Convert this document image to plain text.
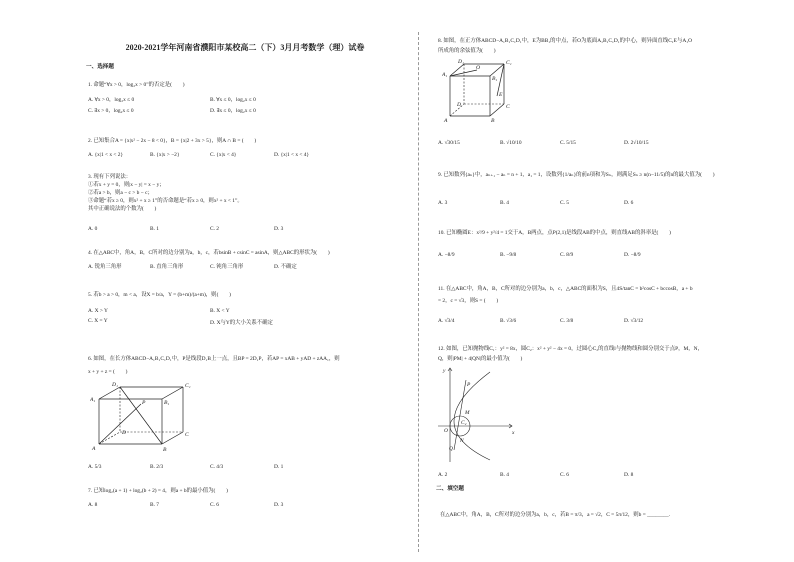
2020-2021学年河南省濮阳市某校高二（下）3月月考数学（理）试卷
一、选择题
1. 命题“∀x > 0，log₂x > 0”的否定是(　　)
A. ∀x > 0，log₂x ≤ 0	B. ∀x ≤ 0，log₂x ≤ 0
C. ∃x > 0，log₂x ≤ 0	D. ∃x ≤ 0，log₂x ≤ 0
2. 已知集合A = {x|x² − 2x − 8 < 0}，B = {x|2 + 3x > 5}，则A ∩ B = (　　)
A. {x|1 < x < 2}	B. {x|x > −2}	C. {x|x < 4}	D. {x|1 < x < 4}
3. 现有下列说法：
①若x + y = 0，则|x − y| = x − y；
②若a > b，则a − c > b − c；
③命题“若x ≥ 0，则x² + x ≥ 1”的否命题是“若x ≥ 0，则x² + x < 1”。
其中正确说法的个数为(　　)
A. 0	B. 1	C. 2	D. 3
4. 在△ABC中，角A，B，C所对的边分别为a，b，c，若bsinB + csinC = asinA，则△ABC的形状为(　　)
A. 锐角三角形	B. 直角三角形	C. 钝角三角形	D. 不确定
5. 若b > a > 0，m < a，设X = b/a，Y = (b+m)/(a+m)，则(　　)
A. X > Y	B. X < Y
C. X = Y	D. X与Y的大小关系不确定
6. 如图，在长方体ABCD−A₁B₁C₁D₁中，P是线段D₁B上一点，且BP = 2D₁P，若AP = xAB + yAD + zAA₁，则
x + y + z = (　　)
D₁	C₁
A₁	B₁
P
D	C
A	B
A. 5/3	B. 2/3	C. 4/3	D. 1
7. 已知log₂(a + 1) + log₂(b + 2) = 4，则a + b的最小值为(　　)
A. 8	B. 7	C. 6	D. 3
8. 如图，在正方体ABCD−A₁B₁C₁D₁中，E为BB₁的中点，若O为底面A₁B₁C₁D₁的中心，则异面直线C₁E与A₁O
所成角的余弦值为(　　)
D₁	C₁
A₁
B₁
O
E
D	C
A	B
A. √30/15	B. √10/10	C. 5/15	D. 2√10/15
9. 已知数列{aₙ}中，aₙ₊₁ − aₙ = n + 1，a₁ = 1，设数列{1/aₙ}的前n项和为Sₙ，则满足Sₙ ≥ n(n−11/5)的n的最大值为(　　)
A. 3	B. 4	C. 5	D. 6
10. 已知椭圆E：x²/9 + y²/4 = 1交于A，B两点，点P(2,1)是线段AB的中点，则直线AB的斜率是(　　)
A. −8/9	B. −9/8	C. 8/9	D. −8/9
11. 在△ABC中，角A，B，C所对的边分别为a，b，c，△ABC的面积为S，且4S/tanC = b²cosC + bccosB，a + b
= 2，c = √3，则S = (　　)
A. √3/4	B. √3/6	C. 3/8	D. √3/12
12. 如图，已知抛物线C₁：y² = 8x，圆C₂：x² + y² − 4x = 0，过圆心C₂的直线l与抛物线和圆分别交于点P，M，N，
Q，则|PM| + 4|QN|的最小值为(　　)
y
x
O
P
M
N
Q
C₂
A. 2	B. 4	C. 6	D. 8
二、填空题
在△ABC中，角A，B，C所对的边分别为a，b，c，若B = π/3，a = √2，C = 5π/12，则b = ________.
